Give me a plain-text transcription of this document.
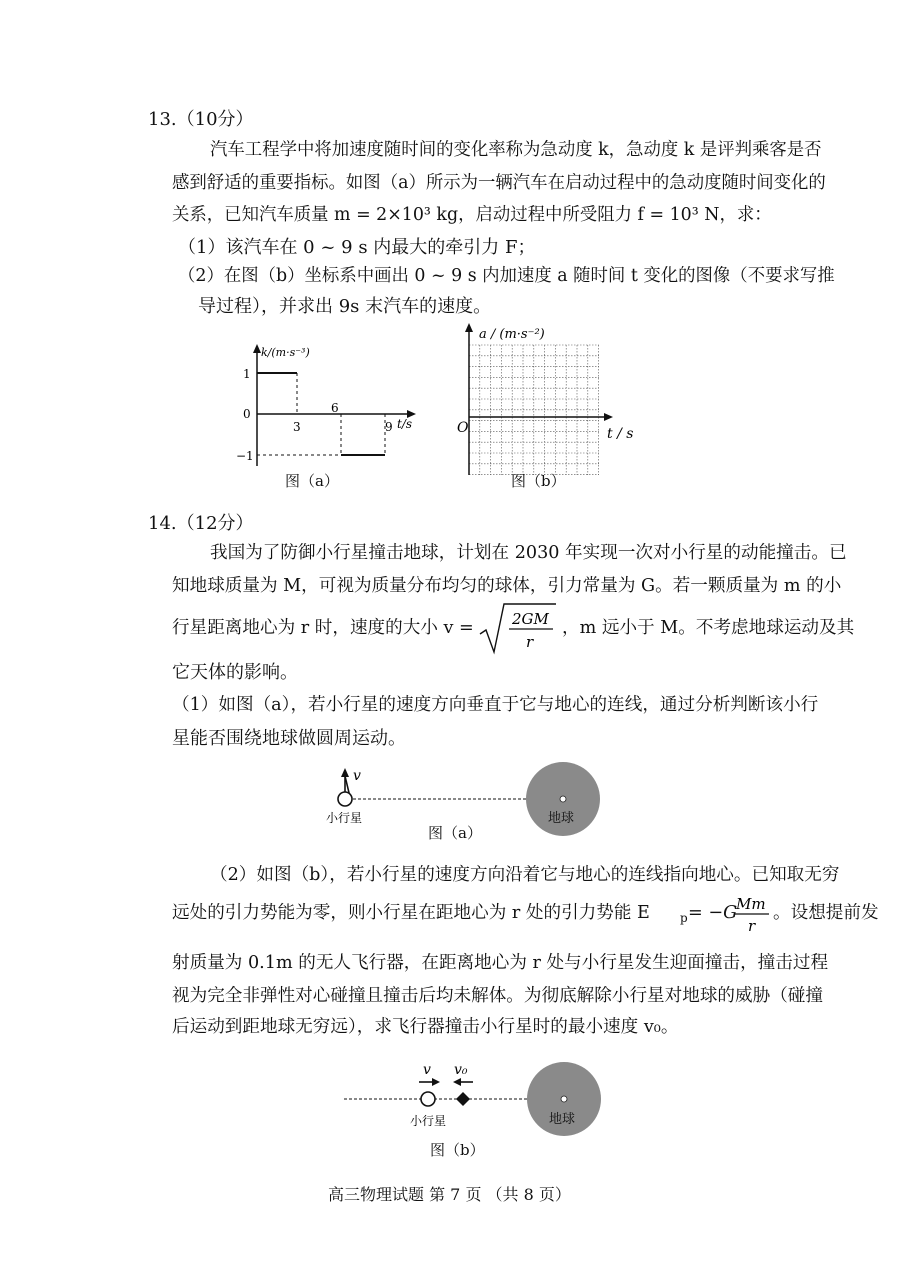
13.（10分）
汽车工程学中将加速度随时间的变化率称为急动度 k，急动度 k 是评判乘客是否
感到舒适的重要指标。如图（a）所示为一辆汽车在启动过程中的急动度随时间变化的
关系，已知汽车质量 m = 2×10³ kg，启动过程中所受阻力 f = 10³ N，求：
（1）该汽车在 0 ~ 9 s 内最大的牵引力 F；
（2）在图（b）坐标系中画出 0 ~ 9 s 内加速度 a 随时间 t 变化的图像（不要求写推
导过程），并求出 9s 末汽车的速度。
k/(m·s⁻³)
1
0
−1
3
6
9 t/s
图（a）
a / (m·s⁻²)
O	t / s
图（b）
14.（12分）
我国为了防御小行星撞击地球，计划在 2030 年实现一次对小行星的动能撞击。已
知地球质量为 M，可视为质量分布均匀的球体，引力常量为 G。若一颗质量为 m 的小
行星距离地心为 r 时，速度的大小 v =	2GM
r
，m 远小于 M。不考虑地球运动及其
它天体的影响。
（1）如图（a），若小行星的速度方向垂直于它与地心的连线，通过分析判断该小行
星能否围绕地球做圆周运动。
v
小行星	地球
图（a）
（2）如图（b），若小行星的速度方向沿着它与地心的连线指向地心。已知取无穷
远处的引力势能为零，则小行星在距地心为 r 处的引力势能 E	p = −G
Mm
r
。设想提前发
射质量为 0.1m 的无人飞行器，在距离地心为 r 处与小行星发生迎面撞击，撞击过程
视为完全非弹性对心碰撞且撞击后均未解体。为彻底解除小行星对地球的威胁（碰撞
后运动到距地球无穷远），求飞行器撞击小行星时的最小速度 v₀。
v v₀
小行星	地球
图（b）
高三物理试题 第 7 页 （共 8 页）
